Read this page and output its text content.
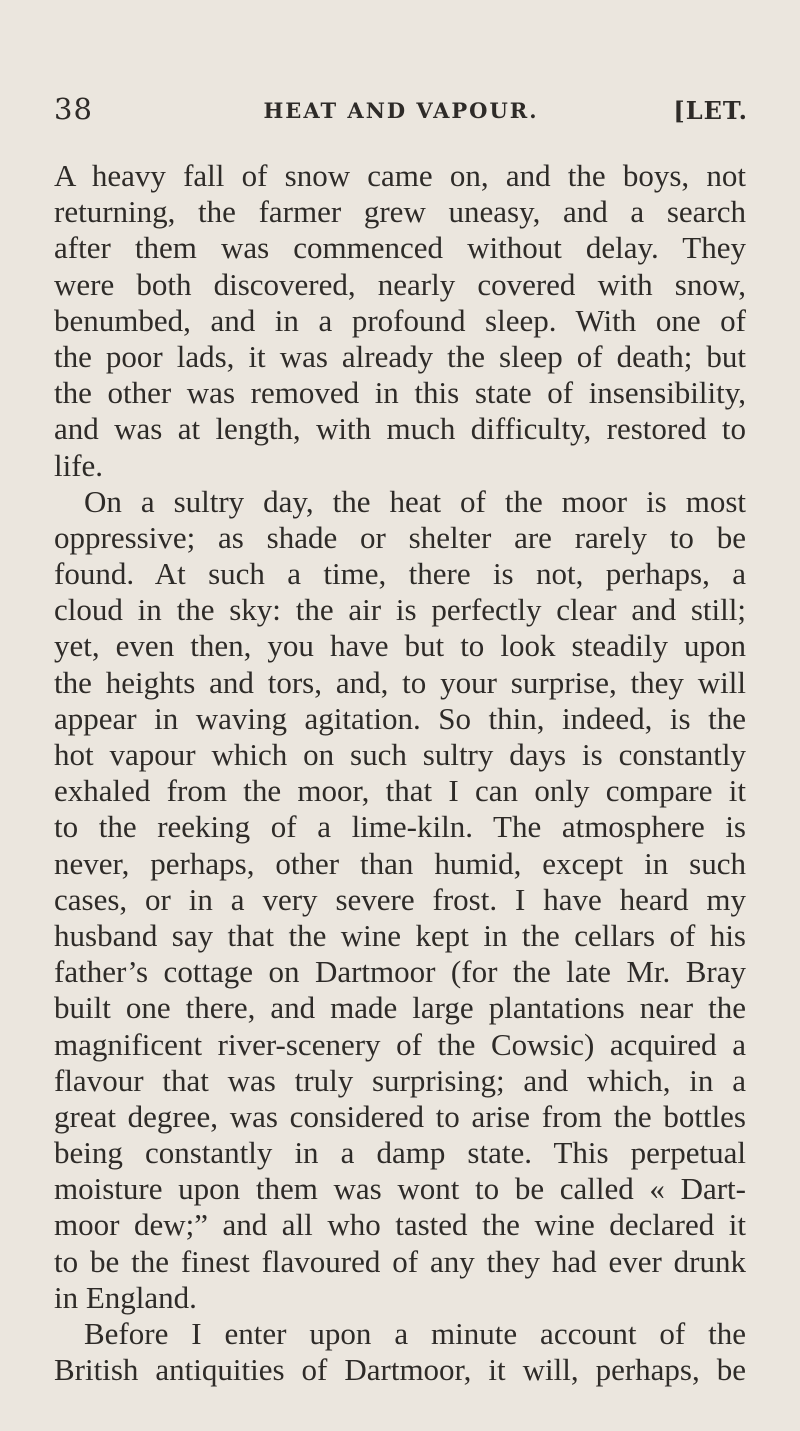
38	HEAT AND VAPOUR.	[LET.
A heavy fall of snow came on, and the boys, not
returning, the farmer grew uneasy, and a search
after them was commenced without delay. They
were both discovered, nearly covered with snow,
benumbed, and in a profound sleep. With one of
the poor lads, it was already the sleep of death; but
the other was removed in this state of insensibility,
and was at length, with much difficulty, restored to
life.
On a sultry day, the heat of the moor is most
oppressive; as shade or shelter are rarely to be
found. At such a time, there is not, perhaps, a
cloud in the sky: the air is perfectly clear and still;
yet, even then, you have but to look steadily upon
the heights and tors, and, to your surprise, they will
appear in waving agitation. So thin, indeed, is the
hot vapour which on such sultry days is constantly
exhaled from the moor, that I can only compare it
to the reeking of a lime-kiln. The atmosphere is
never, perhaps, other than humid, except in such
cases, or in a very severe frost. I have heard my
husband say that the wine kept in the cellars of his
father’s cottage on Dartmoor (for the late Mr. Bray
built one there, and made large plantations near the
magnificent river-scenery of the Cowsic) acquired a
flavour that was truly surprising; and which, in a
great degree, was considered to arise from the bottles
being constantly in a damp state. This perpetual
moisture upon them was wont to be called « Dart-
moor dew;” and all who tasted the wine declared it
to be the finest flavoured of any they had ever drunk
in England.
Before I enter upon a minute account of the
British antiquities of Dartmoor, it will, perhaps, be
